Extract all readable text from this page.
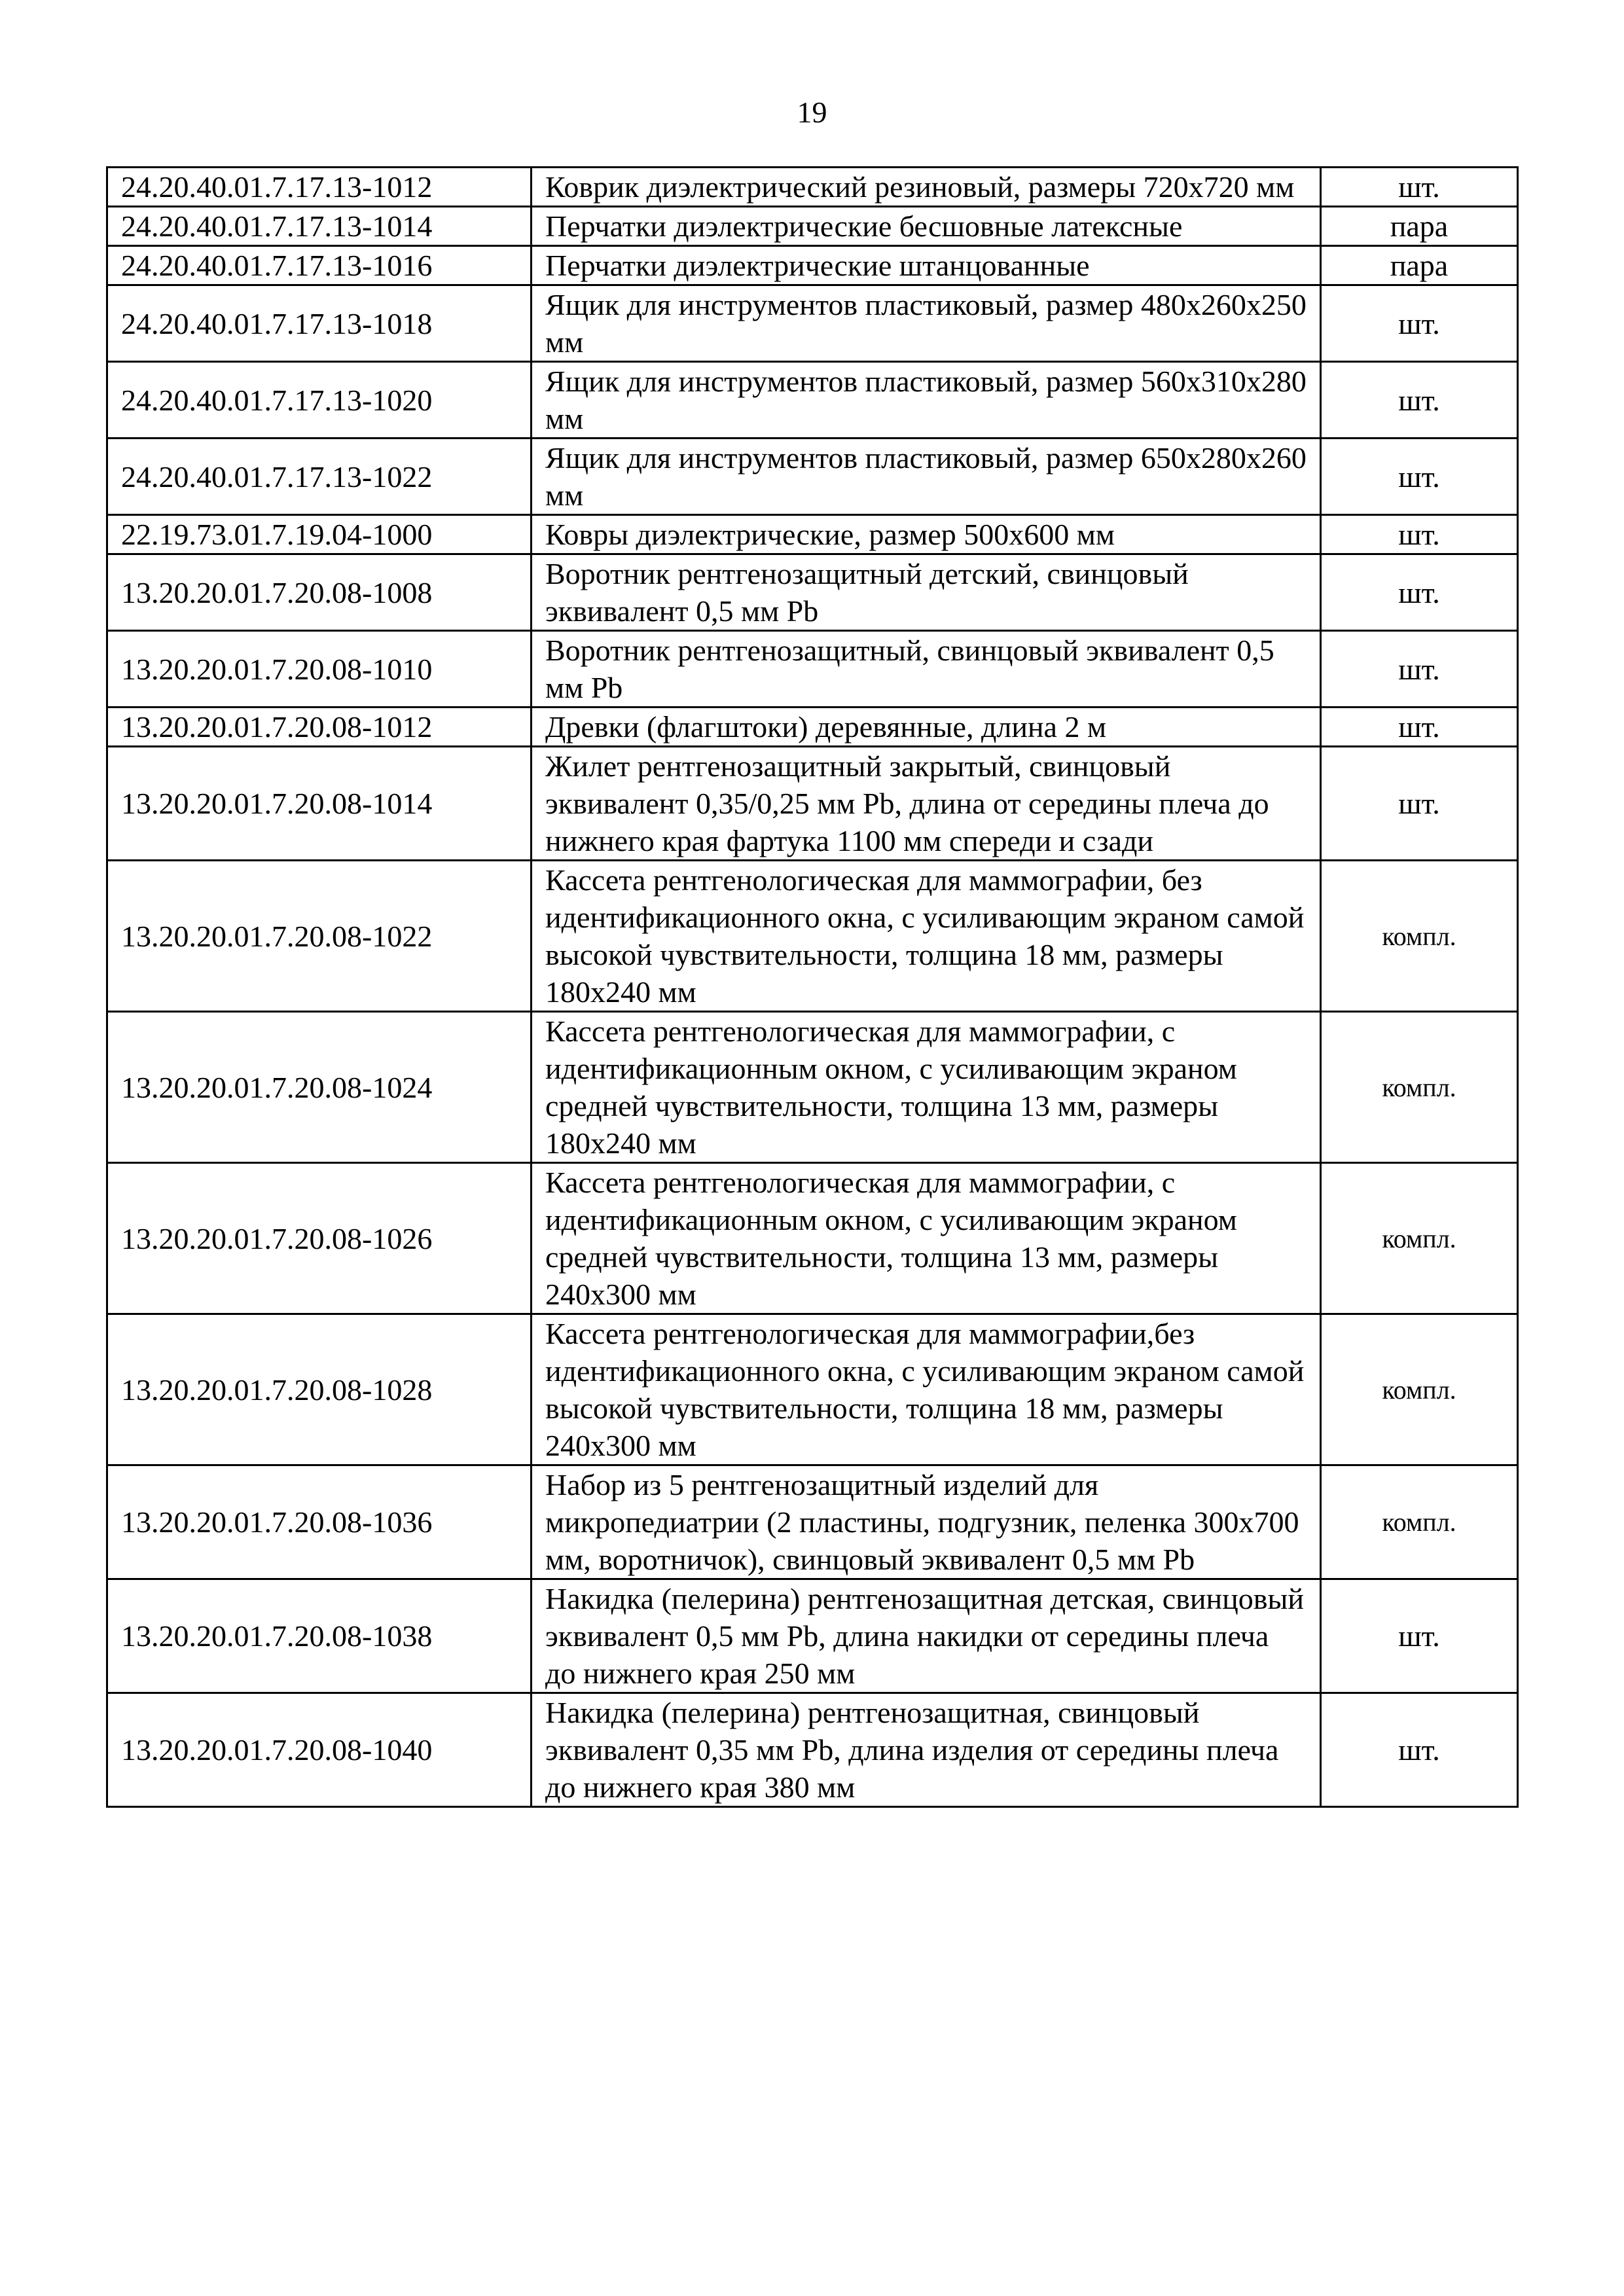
19
24.20.40.01.7.17.13-1012	Коврик диэлектрический резиновый, размеры 720х720 мм	шт.
24.20.40.01.7.17.13-1014	Перчатки диэлектрические бесшовные латексные	пара
24.20.40.01.7.17.13-1016	Перчатки диэлектрические штанцованные	пара
24.20.40.01.7.17.13-1018	Ящик для инструментов пластиковый, размер 480х260х250 мм	шт.
24.20.40.01.7.17.13-1020	Ящик для инструментов пластиковый, размер 560х310х280 мм	шт.
24.20.40.01.7.17.13-1022	Ящик для инструментов пластиковый, размер 650х280х260 мм	шт.
22.19.73.01.7.19.04-1000	Ковры диэлектрические, размер 500х600 мм	шт.
13.20.20.01.7.20.08-1008	Воротник рентгенозащитный детский, свинцовый эквивалент 0,5 мм Pb	шт.
13.20.20.01.7.20.08-1010	Воротник рентгенозащитный, свинцовый эквивалент 0,5 мм Pb	шт.
13.20.20.01.7.20.08-1012	Древки (флагштоки) деревянные, длина 2 м	шт.
13.20.20.01.7.20.08-1014	Жилет рентгенозащитный закрытый, свинцовый эквивалент 0,35/0,25 мм Pb, длина от середины плеча до нижнего края фартука 1100 мм спереди и сзади	шт.
13.20.20.01.7.20.08-1022	Кассета рентгенологическая для маммографии, без идентификационного окна, с усиливающим экраном самой высокой чувствительности, толщина 18 мм, размеры 180х240 мм	компл.
13.20.20.01.7.20.08-1024	Кассета рентгенологическая для маммографии, с идентификационным окном, с усиливающим экраном средней чувствительности, толщина 13 мм, размеры 180х240 мм	компл.
13.20.20.01.7.20.08-1026	Кассета рентгенологическая для маммографии, с идентификационным окном, с усиливающим экраном средней чувствительности, толщина 13 мм, размеры 240х300 мм	компл.
13.20.20.01.7.20.08-1028	Кассета рентгенологическая для маммографии,без идентификационного окна, с усиливающим экраном самой высокой чувствительности, толщина 18 мм, размеры 240х300 мм	компл.
13.20.20.01.7.20.08-1036	Набор из 5 рентгенозащитный изделий для микропедиатрии (2 пластины, подгузник, пеленка 300х700 мм, воротничок), свинцовый эквивалент 0,5 мм Pb	компл.
13.20.20.01.7.20.08-1038	Накидка (пелерина) рентгенозащитная детская, свинцовый эквивалент 0,5 мм Pb, длина накидки от середины плеча до нижнего края 250 мм	шт.
13.20.20.01.7.20.08-1040	Накидка (пелерина) рентгенозащитная, свинцовый эквивалент 0,35 мм Pb, длина изделия от середины плеча до нижнего края 380 мм	шт.
